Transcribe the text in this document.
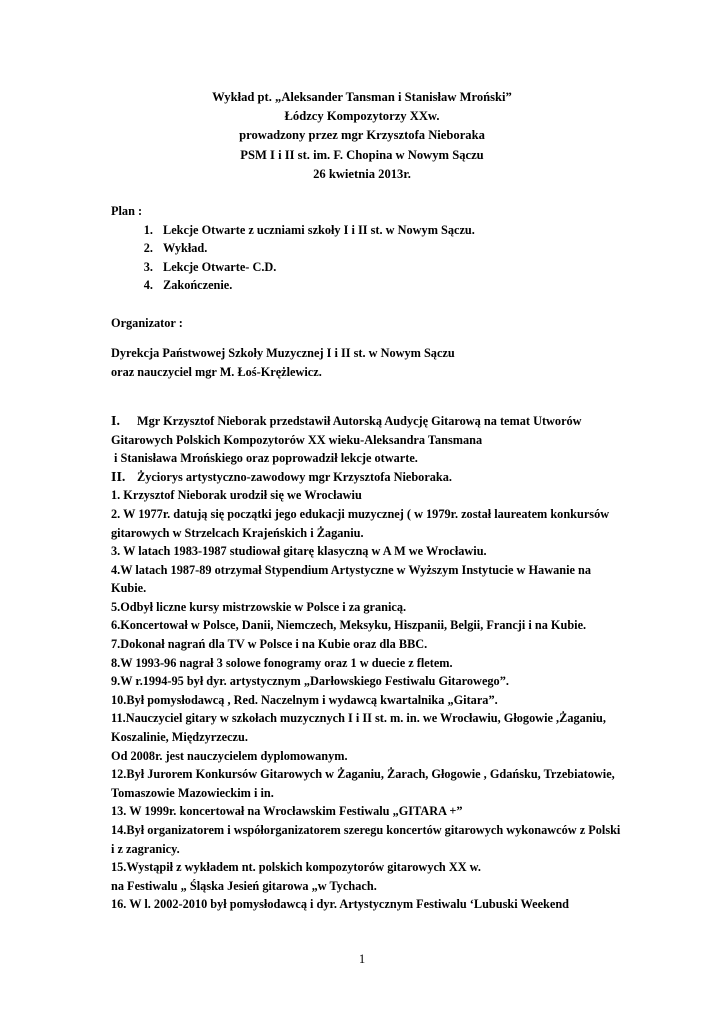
Wykład pt. „Aleksander Tansman i Stanisław Mroński”
Łódzcy Kompozytorzy XXw.
prowadzony przez mgr Krzysztofa Nieboraka
PSM I i II st. im. F. Chopina w Nowym Sączu
26 kwietnia 2013r.
Plan :
1. Lekcje Otwarte z uczniami szkoły I i II st. w Nowym Sączu.
2. Wykład.
3. Lekcje Otwarte- C.D.
4. Zakończenie.
Organizator :
Dyrekcja Państwowej Szkoły Muzycznej I i II st. w Nowym Sączu
oraz nauczyciel mgr M. Łoś-Krężlewicz.
I. Mgr Krzysztof Nieborak przedstawił Autorską Audycję Gitarową na temat Utworów
Gitarowych Polskich Kompozytorów XX wieku-Aleksandra Tansmana
i Stanisława Mrońskiego oraz poprowadził lekcje otwarte.
II. Życiorys artystyczno-zawodowy mgr Krzysztofa Nieboraka.
1. Krzysztof Nieborak urodził się we Wrocławiu
2. W 1977r. datują się początki jego edukacji muzycznej ( w 1979r. został laureatem konkursów
gitarowych w Strzelcach Krajeńskich i Żaganiu.
3. W latach 1983-1987 studiował gitarę klasyczną w A M we Wrocławiu.
4.W latach 1987-89 otrzymał Stypendium Artystyczne w Wyższym Instytucie w Hawanie na
Kubie.
5.Odbył liczne kursy mistrzowskie w Polsce i za granicą.
6.Koncertował w Polsce, Danii, Niemczech, Meksyku, Hiszpanii, Belgii, Francji i na Kubie.
7.Dokonał nagrań dla TV w Polsce i na Kubie oraz dla BBC.
8.W 1993-96 nagrał 3 solowe fonogramy oraz 1 w duecie z fletem.
9.W r.1994-95 był dyr. artystycznym „Darłowskiego Festiwalu Gitarowego”.
10.Był pomysłodawcą , Red. Naczelnym i wydawcą kwartalnika „Gitara”.
11.Nauczyciel gitary w szkołach muzycznych I i II st. m. in. we Wrocławiu, Głogowie ,Żaganiu,
Koszalinie, Międzyrzeczu.
Od 2008r. jest nauczycielem dyplomowanym.
12.Był Jurorem Konkursów Gitarowych w Żaganiu, Żarach, Głogowie , Gdańsku, Trzebiatowie,
Tomaszowie Mazowieckim i in.
13. W 1999r. koncertował na Wrocławskim Festiwalu „GITARA +”
14.Był organizatorem i współorganizatorem szeregu koncertów gitarowych wykonawców z Polski
i z zagranicy.
15.Wystąpił z wykładem nt. polskich kompozytorów gitarowych XX w.
na Festiwalu „ Śląska Jesień gitarowa „w Tychach.
16. W l. 2002-2010 był pomysłodawcą i dyr. Artystycznym Festiwalu ‘Lubuski Weekend
1
